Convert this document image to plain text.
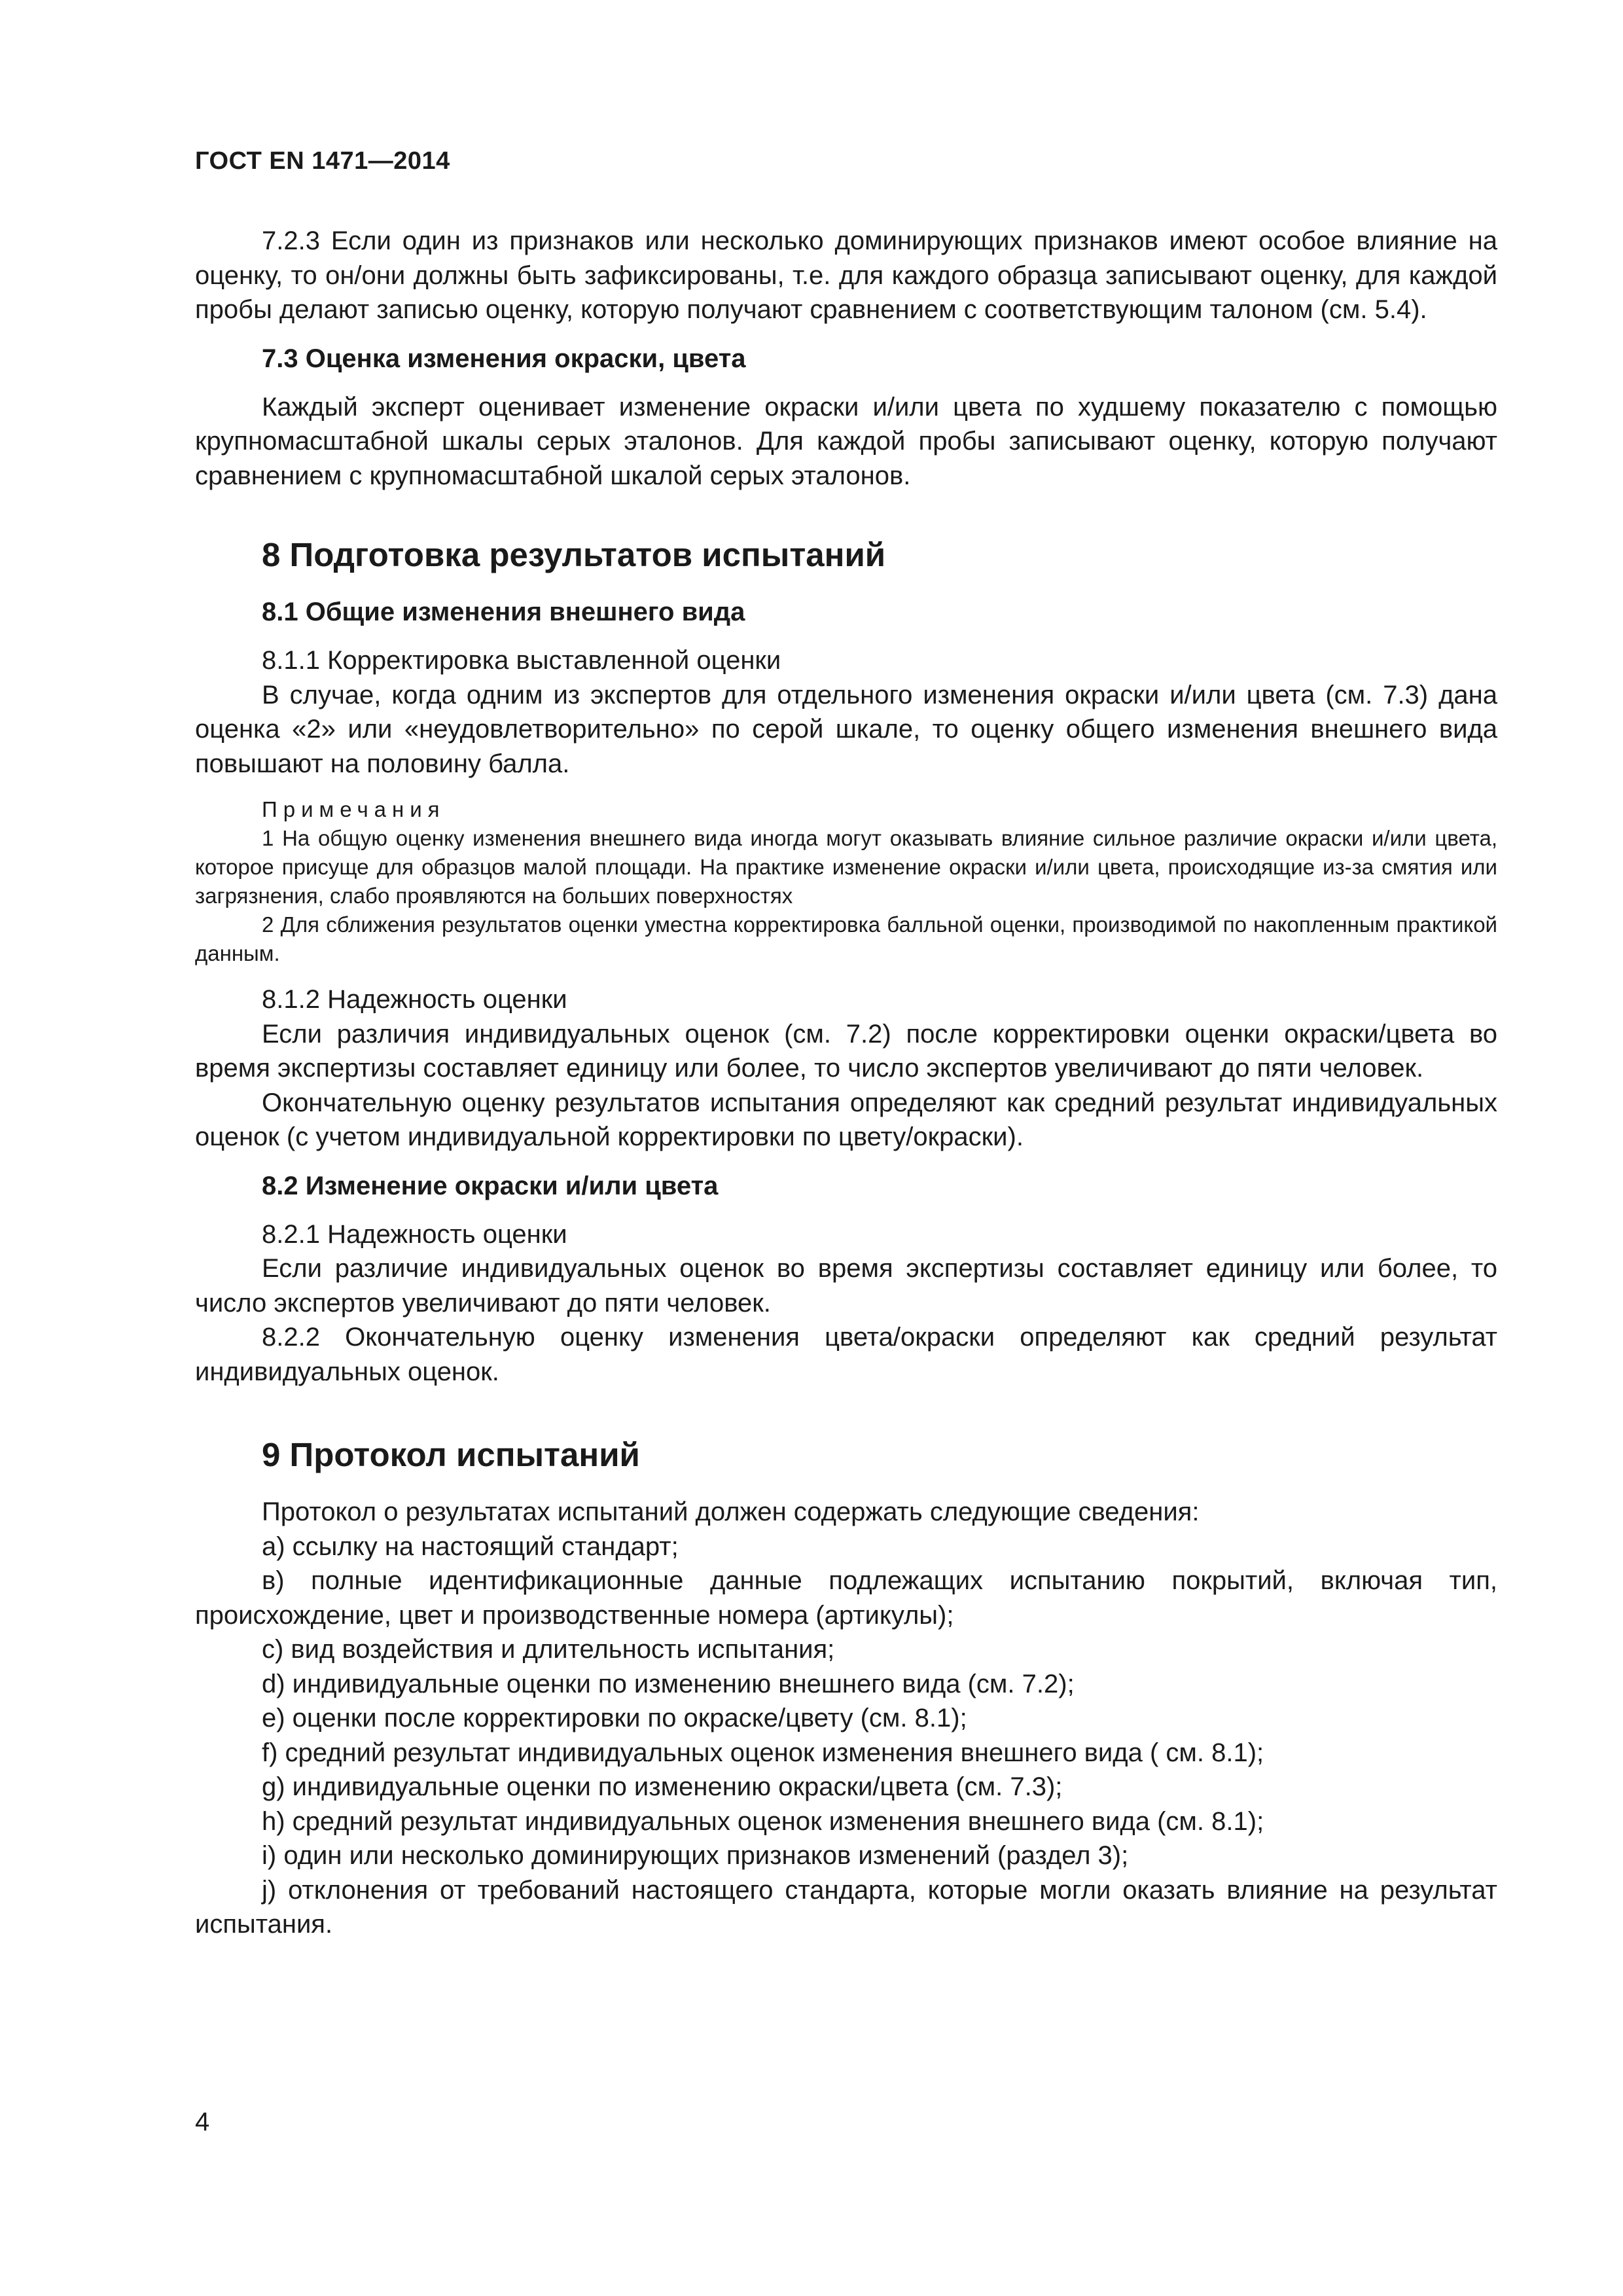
ГОСТ EN 1471—2014

7.2.3 Если один из признаков или несколько доминирующих признаков имеют особое влияние на оценку, то он/они должны быть зафиксированы, т.е. для каждого образца записывают оценку, для каждой пробы делают записью оценку, которую получают сравнением с соответствующим талоном (см. 5.4).

7.3 Оценка изменения окраски, цвета

Каждый эксперт оценивает изменение окраски и/или цвета по худшему показателю с помощью крупномасштабной шкалы серых эталонов. Для каждой пробы записывают оценку, которую получают сравнением с крупномасштабной шкалой серых эталонов.

8 Подготовка результатов испытаний

8.1 Общие изменения внешнего вида

8.1.1 Корректировка выставленной оценки

В случае, когда одним из экспертов для отдельного изменения окраски и/или цвета (см. 7.3) дана оценка «2» или «неудовлетворительно» по серой шкале, то оценку общего изменения внешнего вида повышают на половину балла.

Примечания

1 На общую оценку изменения внешнего вида иногда могут оказывать влияние сильное различие окраски и/или цвета, которое присуще для образцов малой площади. На практике изменение окраски и/или цвета, происходящие из-за смятия или загрязнения, слабо проявляются на больших поверхностях

2 Для сближения результатов оценки уместна корректировка балльной оценки, производимой по накопленным практикой данным.

8.1.2 Надежность оценки

Если различия индивидуальных оценок (см. 7.2) после корректировки оценки окраски/цвета во время экспертизы составляет единицу или более, то число экспертов увеличивают до пяти человек.

Окончательную оценку результатов испытания определяют как средний результат индивидуальных оценок (с учетом индивидуальной корректировки по цвету/окраски).

8.2 Изменение окраски и/или цвета

8.2.1 Надежность оценки

Если различие индивидуальных оценок во время экспертизы составляет единицу или более, то число экспертов увеличивают до пяти человек.

8.2.2 Окончательную оценку изменения цвета/окраски определяют как средний результат индивидуальных оценок.

9 Протокол испытаний

Протокол о результатах испытаний должен содержать следующие сведения:

а) ссылку на настоящий стандарт;

в) полные идентификационные данные подлежащих испытанию покрытий, включая тип, происхождение, цвет и производственные номера (артикулы);

с) вид воздействия и длительность испытания;

d) индивидуальные оценки по изменению внешнего вида (см. 7.2);

е) оценки после корректировки по окраске/цвету (см. 8.1);

f) средний результат индивидуальных оценок изменения внешнего вида ( см. 8.1);

g) индивидуальные оценки по изменению окраски/цвета (см. 7.3);

h) средний результат индивидуальных оценок изменения внешнего вида (см. 8.1);

i) один или несколько доминирующих признаков изменений (раздел 3);

j) отклонения от требований настоящего стандарта, которые могли оказать влияние на результат испытания.

4
